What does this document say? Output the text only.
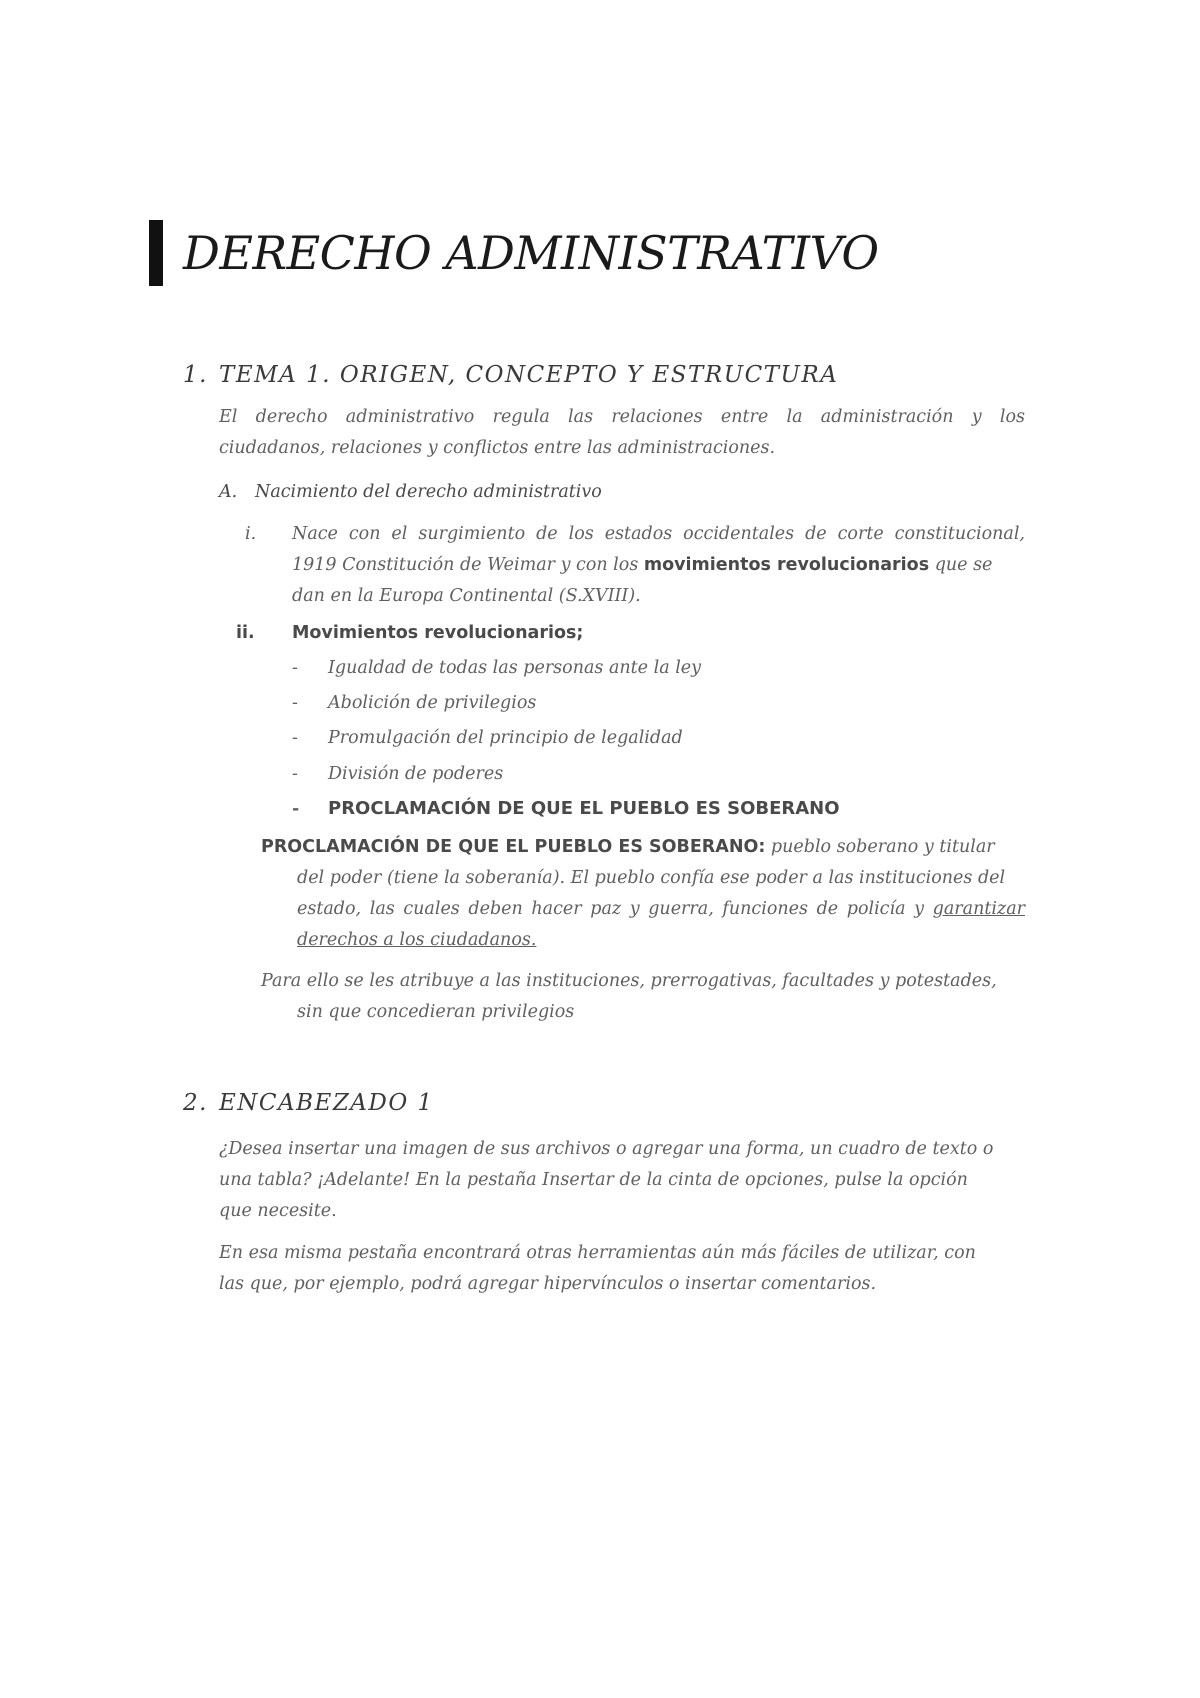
DERECHO ADMINISTRATIVO
1. TEMA 1. ORIGEN, CONCEPTO Y ESTRUCTURA
El derecho administrativo regula las relaciones entre la administración y los
ciudadanos, relaciones y conflictos entre las administraciones.
A. Nacimiento del derecho administrativo
i. Nace con el surgimiento de los estados occidentales de corte constitucional,
1919 Constitución de Weimar y con los movimientos revolucionarios que se
dan en la Europa Continental (S.XVIII).
ii. Movimientos revolucionarios;
- Igualdad de todas las personas ante la ley
- Abolición de privilegios
- Promulgación del principio de legalidad
- División de poderes
- PROCLAMACIÓN DE QUE EL PUEBLO ES SOBERANO
PROCLAMACIÓN DE QUE EL PUEBLO ES SOBERANO: pueblo soberano y titular
del poder (tiene la soberanía). El pueblo confía ese poder a las instituciones del
estado, las cuales deben hacer paz y guerra, funciones de policía y garantizar
derechos a los ciudadanos.
Para ello se les atribuye a las instituciones, prerrogativas, facultades y potestades,
sin que concedieran privilegios
2. ENCABEZADO 1
¿Desea insertar una imagen de sus archivos o agregar una forma, un cuadro de texto o
una tabla? ¡Adelante! En la pestaña Insertar de la cinta de opciones, pulse la opción
que necesite.
En esa misma pestaña encontrará otras herramientas aún más fáciles de utilizar, con
las que, por ejemplo, podrá agregar hipervínculos o insertar comentarios.
